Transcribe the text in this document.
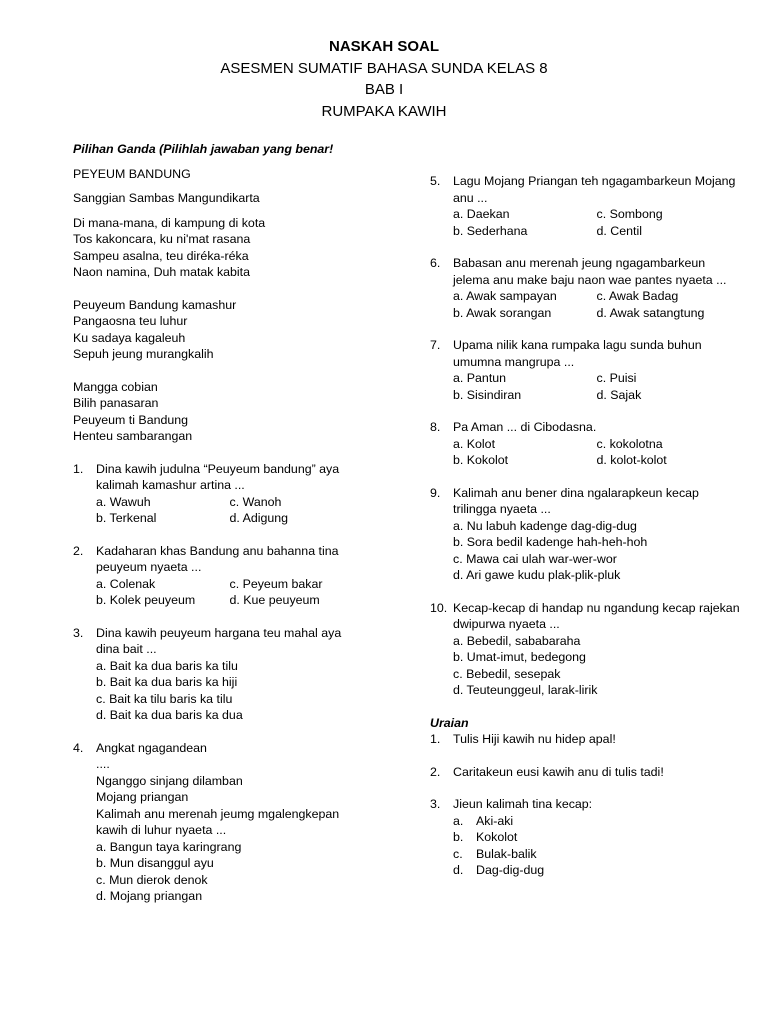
NASKAH SOAL
ASESMEN SUMATIF BAHASA SUNDA KELAS 8
BAB I
RUMPAKA KAWIH
Pilihan Ganda (Pilihlah jawaban yang benar!
PEYEUM BANDUNG
Sanggian Sambas Mangundikarta
Di mana-mana, di kampung di kota
Tos kakoncara, ku ni'mat rasana
Sampeu asalna, teu diréka-réka
Naon namina, Duh matak kabita
Peuyeum Bandung kamashur
Pangaosna teu luhur
Ku sadaya kagaleuh
Sepuh jeung murangkalih
Mangga cobian
Bilih panasaran
Peuyeum ti Bandung
Henteu sambarangan
1. Dina kawih judulna “Peuyeum bandung” aya kalimah kamashur artina ...
a. Wawuh	c. Wanoh
b. Terkenal	d. Adigung
2. Kadaharan khas Bandung anu bahanna tina peuyeum nyaeta ...
a. Colenak	c. Peyeum bakar
b. Kolek peuyeum	d. Kue peuyeum
3. Dina kawih peuyeum hargana teu mahal aya dina bait ...
a. Bait ka dua baris ka tilu
b. Bait ka dua baris ka hiji
c. Bait ka tilu baris ka tilu
d. Bait ka dua baris ka dua
4. Angkat ngagandean
....
Nganggo sinjang dilamban
Mojang priangan
Kalimah anu merenah jeumg mgalengkepan kawih di luhur nyaeta ...
a. Bangun taya karingrang
b. Mun disanggul ayu
c. Mun dierok denok
d. Mojang priangan
5. Lagu Mojang Priangan teh ngagambarkeun Mojang anu ...
a. Daekan	c. Sombong
b. Sederhana	d. Centil
6. Babasan anu merenah jeung ngagambarkeun jelema anu make baju naon wae pantes nyaeta ...
a. Awak sampayan	c. Awak Badag
b. Awak sorangan	d. Awak satangtung
7. Upama nilik kana rumpaka lagu sunda buhun umumna mangrupa ...
a. Pantun	c. Puisi
b. Sisindiran	d. Sajak
8. Pa Aman ... di Cibodasna.
a. Kolot	c. kokolotna
b. Kokolot	d. kolot-kolot
9. Kalimah anu bener dina ngalarapkeun kecap trilingga nyaeta ...
a. Nu labuh kadenge dag-dig-dug
b. Sora bedil kadenge hah-heh-hoh
c. Mawa cai ulah war-wer-wor
d. Ari gawe kudu plak-plik-pluk
10. Kecap-kecap di handap nu ngandung kecap rajekan dwipurwa nyaeta ...
a. Bebedil, sabab​arah​a
b. Umat-imut, bedegong
c. Bebedil, sesepak
d. Teuteunggeul, larak-lirik
Uraian
1. Tulis Hiji kawih nu hidep apal!
2. Caritakeun eusi kawih anu di tulis tadi!
3. Jieun kalimah tina kecap:
a. Aki-aki
b. Kokolot
c. Bulak-balik
d. Dag-dig-dug
